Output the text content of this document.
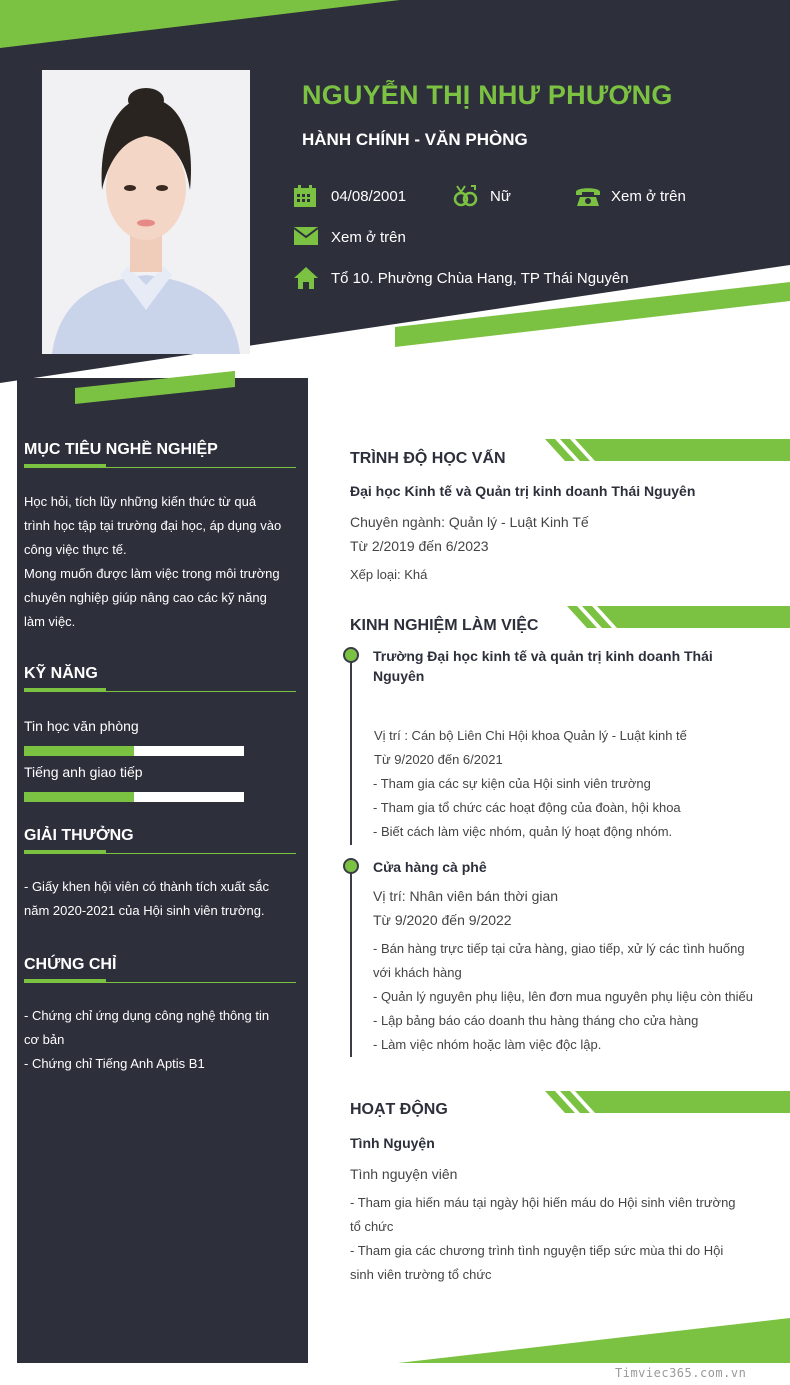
NGUYỄN THỊ NHƯ PHƯƠNG
HÀNH CHÍNH - VĂN PHÒNG
04/08/2001	Nữ	Xem ở trên
Xem ở trên
Tổ 10. Phường Chùa Hang, TP Thái Nguyên
MỤC TIÊU NGHỀ NGHIỆP

Học hỏi, tích lũy những kiến thức từ quá
trình học tập tại trường đại học, áp dụng vào
công việc thực tế.
Mong muốn được làm việc trong môi trường
chuyên nghiệp giúp nâng cao các kỹ năng
làm việc.

KỸ NĂNG
Tin học văn phòng
Tiếng anh giao tiếp
GIẢI THƯỞNG

- Giấy khen hội viên có thành tích xuất sắc
năm 2020-2021 của Hội sinh viên trường.

CHỨNG CHỈ

- Chứng chỉ ứng dụng công nghệ thông tin
cơ bản
- Chứng chỉ Tiếng Anh Aptis B1

TRÌNH ĐỘ HỌC VẤN
Đại học Kinh tế và Quản trị kinh doanh Thái Nguyên
Chuyên ngành: Quản lý - Luật Kinh Tế
Từ 2/2019 đến 6/2023
Xếp loại: Khá
KINH NGHIỆM LÀM VIỆC

Trường Đại học kinh tế và quản trị kinh doanh Thái
Nguyên

Vị trí : Cán bộ Liên Chi Hội khoa Quản lý - Luật kinh tế
Từ 9/2020 đến 6/2021

- Tham gia các sự kiện của Hội sinh viên trường
- Tham gia tổ chức các hoạt động của đoàn, hội khoa
- Biết cách làm việc nhóm, quản lý hoạt động nhóm.

Cửa hàng cà phê
Vị trí: Nhân viên bán thời gian
Từ 9/2020 đến 9/2022

- Bán hàng trực tiếp tại cửa hàng, giao tiếp, xử lý các tình huống
với khách hàng
- Quản lý nguyên phụ liệu, lên đơn mua nguyên phụ liệu còn thiếu
- Lập bảng báo cáo doanh thu hàng tháng cho cửa hàng
- Làm việc nhóm hoặc làm việc độc lập.

HOẠT ĐỘNG
Tình Nguyện
Tình nguyện viên

- Tham gia hiến máu tại ngày hội hiến máu do Hội sinh viên trường
tổ chức
- Tham gia các chương trình tình nguyện tiếp sức mùa thi do Hội
sinh viên trường tổ chức

Timviec365.com.vn
